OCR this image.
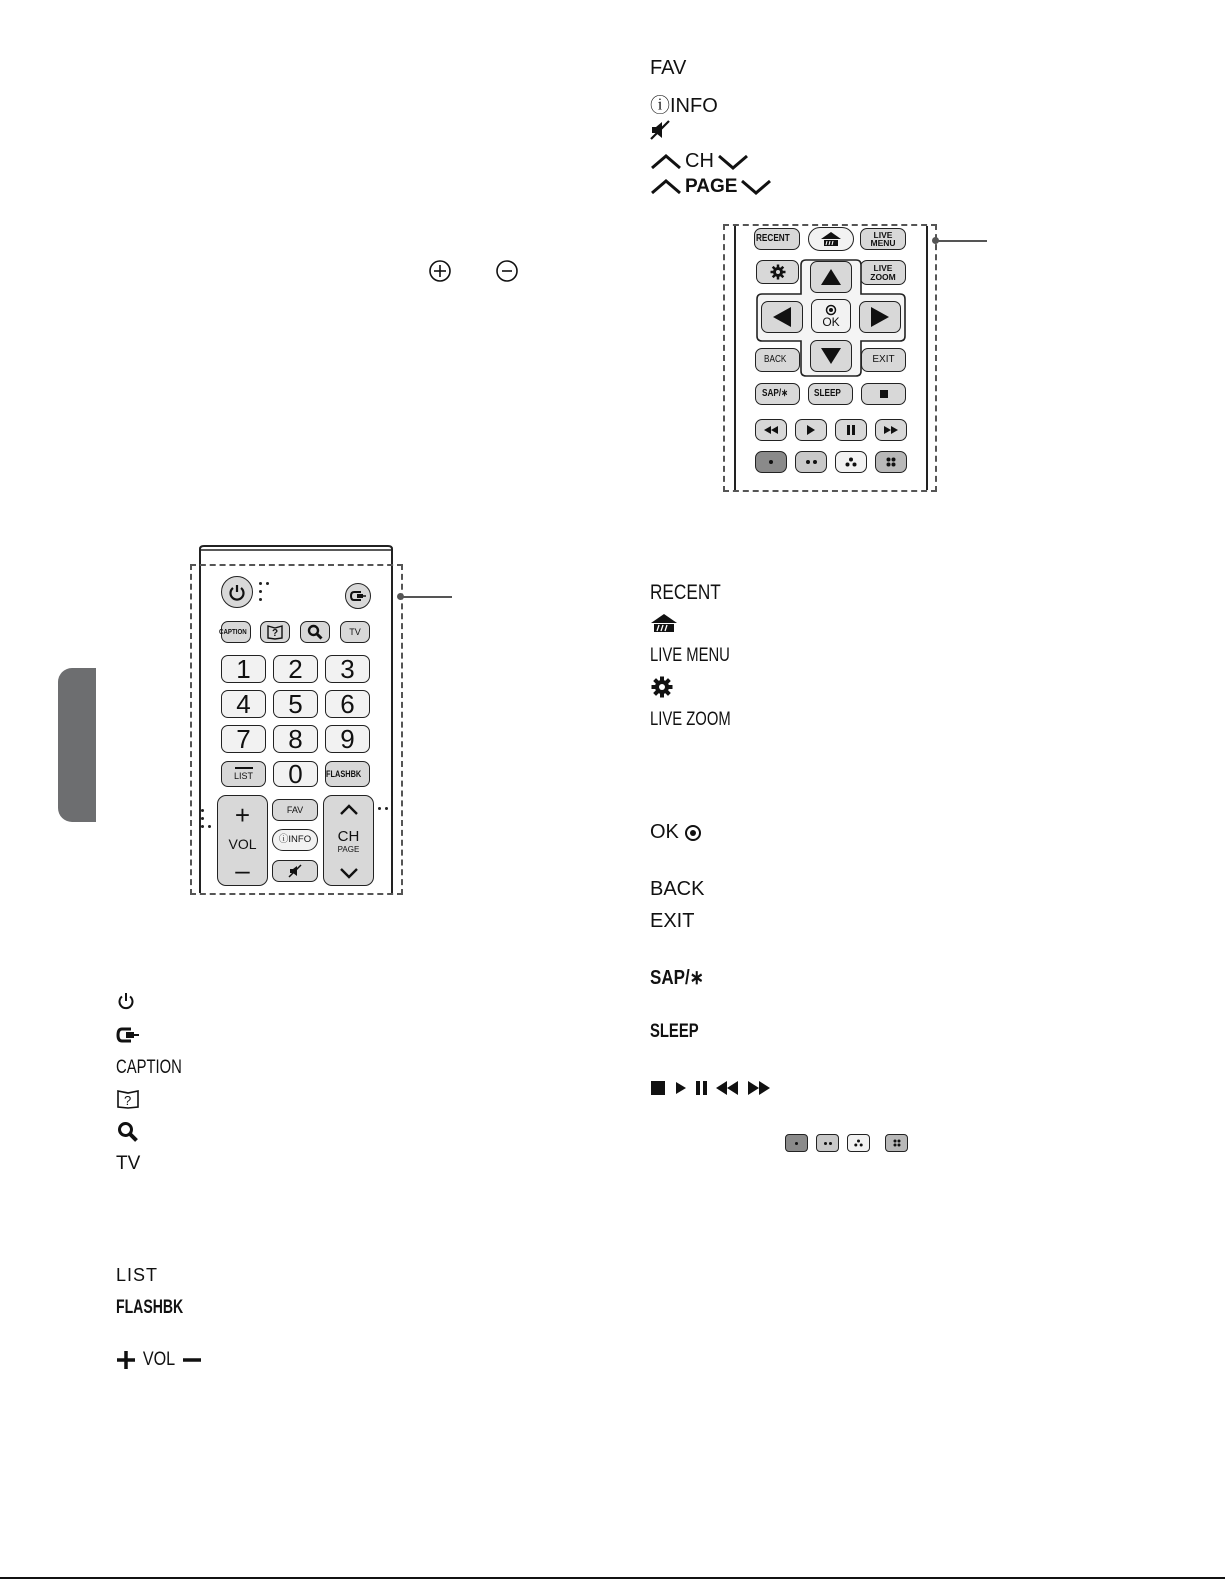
CAPTION	?	TV
1 2 3
4 5 6
7 8 9
LIST 0	FLASHBK
+
VOL
–
FAV
ⓘINFO CH
PAGE
RECENT	LIVE
MENU
LIVE
ZOOM
OK
BACK	EXIT
SAP/∗	SLEEP
CAPTION
?
TV
LIST
FLASHBK
VOL
FAV
ⓘINFO
CH
PAGE
RECENT
LIVE MENU
LIVE ZOOM
OK
BACK
EXIT
SAP/∗
SLEEP
